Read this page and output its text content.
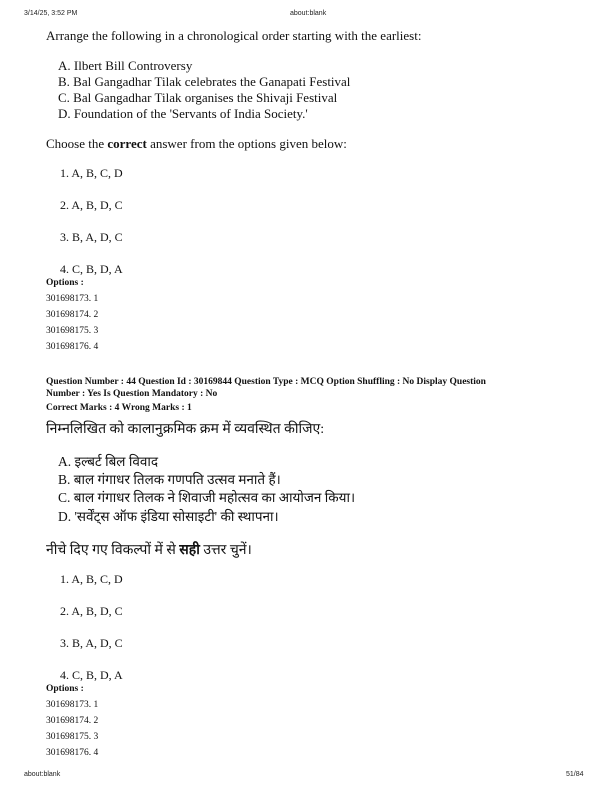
3/14/25, 3:52 PM	about:blank
Arrange the following in a chronological order starting with the earliest:
A. Ilbert Bill Controversy
B. Bal Gangadhar Tilak celebrates the Ganapati Festival
C. Bal Gangadhar Tilak organises the Shivaji Festival
D. Foundation of the 'Servants of India Society.'
Choose the correct answer from the options given below:
1. A, B, C, D
2. A, B, D, C
3. B, A, D, C
4. C, B, D, A
Options :
301698173. 1
301698174. 2
301698175. 3
301698176. 4
Question Number : 44 Question Id : 30169844 Question Type : MCQ Option Shuffling : No Display Question
Number : Yes Is Question Mandatory : No
Correct Marks : 4 Wrong Marks : 1
निम्नलिखित को कालानुक्रमिक क्रम में व्यवस्थित कीजिए:
A. इल्बर्ट बिल विवाद
B. बाल गंगाधर तिलक गणपति उत्सव मनाते हैं।
C. बाल गंगाधर तिलक ने शिवाजी महोत्सव का आयोजन किया।
D. 'सर्वेंट्स ऑफ इंडिया सोसाइटी' की स्थापना।
नीचे दिए गए विकल्पों में से सही उत्तर चुनें।
1. A, B, C, D
2. A, B, D, C
3. B, A, D, C
4. C, B, D, A
Options :
301698173. 1
301698174. 2
301698175. 3
301698176. 4
about:blank	51/84
